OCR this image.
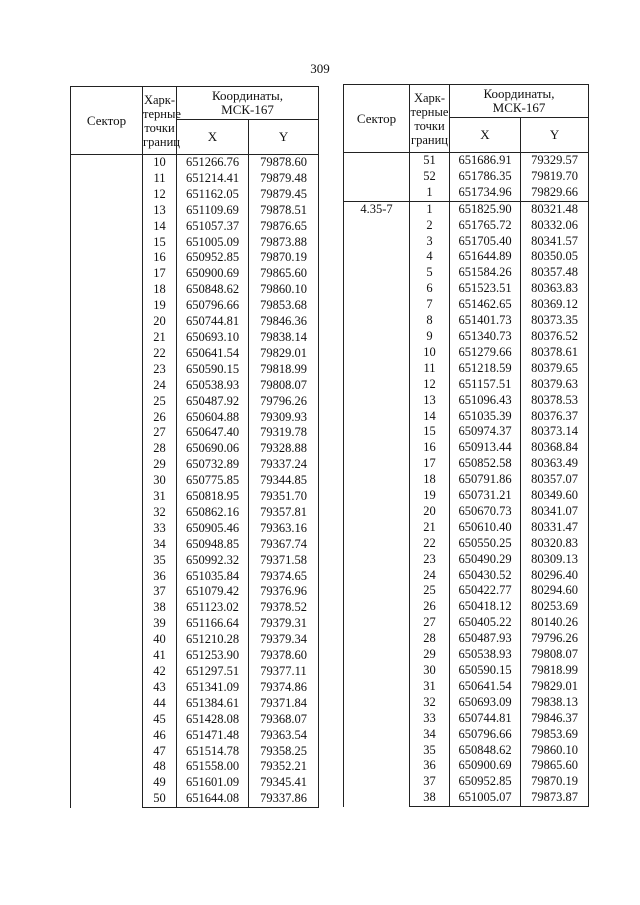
309
Сектор	Харк-
терные
точки
границ	Координаты,
МСК-167	
		X	Y
	10	651266.76	79878.60
	11	651214.41	79879.48
	12	651162.05	79879.45
	13	651109.69	79878.51
	14	651057.37	79876.65
	15	651005.09	79873.88
	16	650952.85	79870.19
	17	650900.69	79865.60
	18	650848.62	79860.10
	19	650796.66	79853.68
	20	650744.81	79846.36
	21	650693.10	79838.14
	22	650641.54	79829.01
	23	650590.15	79818.99
	24	650538.93	79808.07
	25	650487.92	79796.26
	26	650604.88	79309.93
	27	650647.40	79319.78
	28	650690.06	79328.88
	29	650732.89	79337.24
	30	650775.85	79344.85
	31	650818.95	79351.70
	32	650862.16	79357.81
	33	650905.46	79363.16
	34	650948.85	79367.74
	35	650992.32	79371.58
	36	651035.84	79374.65
	37	651079.42	79376.96
	38	651123.02	79378.52
	39	651166.64	79379.31
	40	651210.28	79379.34
	41	651253.90	79378.60
	42	651297.51	79377.11
	43	651341.09	79374.86
	44	651384.61	79371.84
	45	651428.08	79368.07
	46	651471.48	79363.54
	47	651514.78	79358.25
	48	651558.00	79352.21
	49	651601.09	79345.41
	50	651644.08	79337.86
Сектор	Харк-
терные
точки
границ	Координаты,
МСК-167	
		X	Y
	51	651686.91	79329.57
	52	651786.35	79819.70
	1	651734.96	79829.66
4.35-7	1	651825.90	80321.48
	2	651765.72	80332.06
	3	651705.40	80341.57
	4	651644.89	80350.05
	5	651584.26	80357.48
	6	651523.51	80363.83
	7	651462.65	80369.12
	8	651401.73	80373.35
	9	651340.73	80376.52
	10	651279.66	80378.61
	11	651218.59	80379.65
	12	651157.51	80379.63
	13	651096.43	80378.53
	14	651035.39	80376.37
	15	650974.37	80373.14
	16	650913.44	80368.84
	17	650852.58	80363.49
	18	650791.86	80357.07
	19	650731.21	80349.60
	20	650670.73	80341.07
	21	650610.40	80331.47
	22	650550.25	80320.83
	23	650490.29	80309.13
	24	650430.52	80296.40
	25	650422.77	80294.60
	26	650418.12	80253.69
	27	650405.22	80140.26
	28	650487.93	79796.26
	29	650538.93	79808.07
	30	650590.15	79818.99
	31	650641.54	79829.01
	32	650693.09	79838.13
	33	650744.81	79846.37
	34	650796.66	79853.69
	35	650848.62	79860.10
	36	650900.69	79865.60
	37	650952.85	79870.19
	38	651005.07	79873.87
